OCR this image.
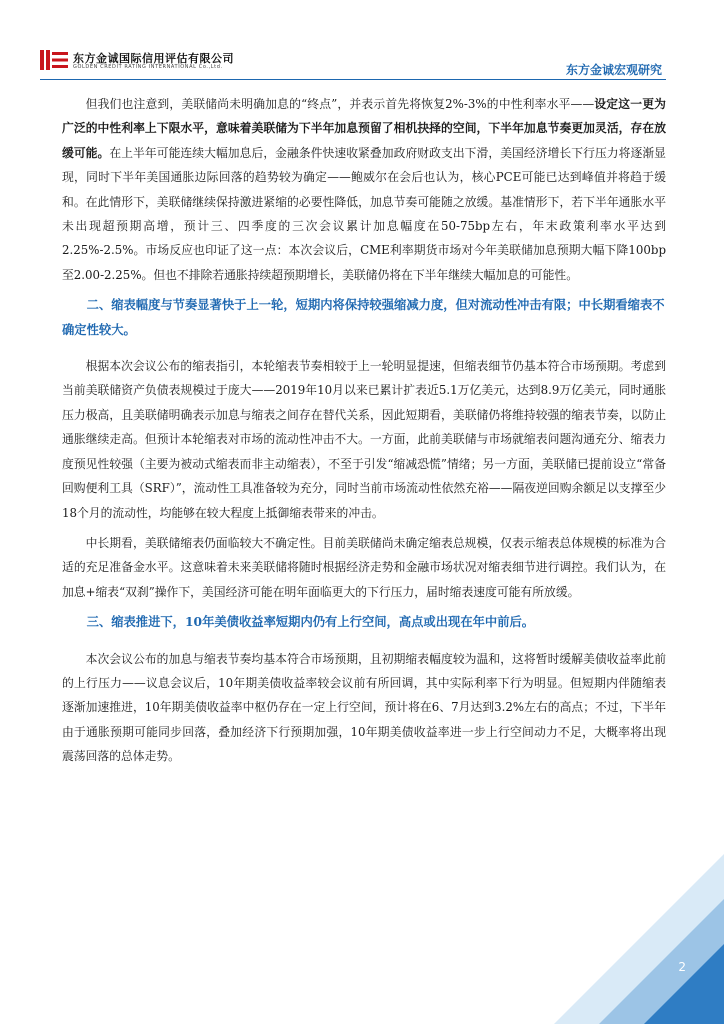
东方金诚国际信用评估有限公司
GOLDEN CREDIT RATING INTERNATIONAL Co.,Ltd.	东方金诚宏观研究

但我们也注意到，美联储尚未明确加息的“终点”，并表示首先将恢复2%-3%的中性利率水平——设定这一更为广泛的中性利率上下限水平，意味着美联储为下半年加息预留了相机抉择的空间，下半年加息节奏更加灵活，存在放缓可能。在上半年可能连续大幅加息后，金融条件快速收紧叠加政府财政支出下滑，美国经济增长下行压力将逐渐显现，同时下半年美国通胀边际回落的趋势较为确定——鲍威尔在会后也认为，核心PCE可能已达到峰值并将趋于缓和。在此情形下，美联储继续保持激进紧缩的必要性降低，加息节奏可能随之放缓。基准情形下，若下半年通胀水平未出现超预期高增，预计三、四季度的三次会议累计加息幅度在50-75bp左右，年末政策利率水平达到2.25%-2.5%。市场反应也印证了这一点：本次会议后，CME利率期货市场对今年美联储加息预期大幅下降100bp至2.00-2.25%。但也不排除若通胀持续超预期增长，美联储仍将在下半年继续大幅加息的可能性。

二、缩表幅度与节奏显著快于上一轮，短期内将保持较强缩减力度，但对流动性冲击有限；中长期看缩表不确定性较大。

根据本次会议公布的缩表指引，本轮缩表节奏相较于上一轮明显提速，但缩表细节仍基本符合市场预期。考虑到当前美联储资产负债表规模过于庞大——2019年10月以来已累计扩表近5.1万亿美元，达到8.9万亿美元，同时通胀压力极高，且美联储明确表示加息与缩表之间存在替代关系，因此短期看，美联储仍将维持较强的缩表节奏，以防止通胀继续走高。但预计本轮缩表对市场的流动性冲击不大。一方面，此前美联储与市场就缩表问题沟通充分、缩表力度预见性较强（主要为被动式缩表而非主动缩表），不至于引发“缩减恐慌”情绪；另一方面，美联储已提前设立“常备回购便利工具（SRF）”，流动性工具准备较为充分，同时当前市场流动性依然充裕——隔夜逆回购余额足以支撑至少18个月的流动性，均能够在较大程度上抵御缩表带来的冲击。

中长期看，美联储缩表仍面临较大不确定性。目前美联储尚未确定缩表总规模，仅表示缩表总体规模的标准为合适的充足准备金水平。这意味着未来美联储将随时根据经济走势和金融市场状况对缩表细节进行调控。我们认为，在加息+缩表“双刹”操作下，美国经济可能在明年面临更大的下行压力，届时缩表速度可能有所放缓。

三、缩表推进下，10年美债收益率短期内仍有上行空间，高点或出现在年中前后。

本次会议公布的加息与缩表节奏均基本符合市场预期，且初期缩表幅度较为温和，这将暂时缓解美债收益率此前的上行压力——议息会议后，10年期美债收益率较会议前有所回调，其中实际利率下行为明显。但短期内伴随缩表逐渐加速推进，10年期美债收益率中枢仍存在一定上行空间，预计将在6、7月达到3.2%左右的高点；不过，下半年由于通胀预期可能同步回落，叠加经济下行预期加强，10年期美债收益率进一步上行空间动力不足，大概率将出现震荡回落的总体走势。

2
